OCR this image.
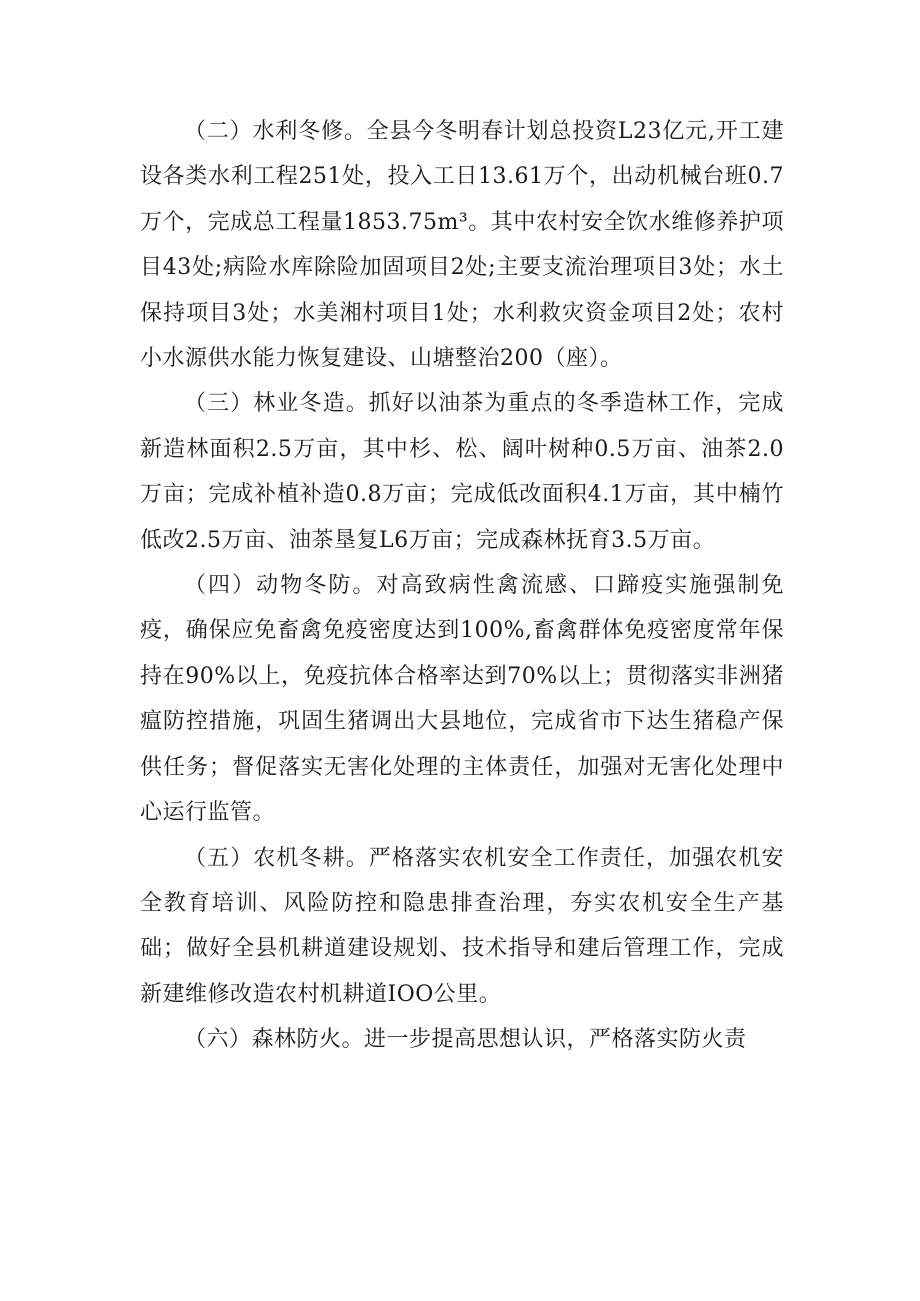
（二）水利冬修。全县今冬明春计划总投资L23亿元,开工建设各类水利工程251处，投入工日13.61万个，出动机械台班0.7万个，完成总工程量1853.75m³。其中农村安全饮水维修养护项目43处;病险水库除险加固项目2处;主要支流治理项目3处；水土保持项目3处；水美湘村项目1处；水利救灾资金项目2处；农村小水源供水能力恢复建设、山塘整治200（座）。

（三）林业冬造。抓好以油茶为重点的冬季造林工作，完成新造林面积2.5万亩，其中杉、松、阔叶树种0.5万亩、油茶2.0万亩；完成补植补造0.8万亩；完成低改面积4.1万亩，其中楠竹低改2.5万亩、油茶垦复L6万亩；完成森林抚育3.5万亩。

（四）动物冬防。对高致病性禽流感、口蹄疫实施强制免疫，确保应免畜禽免疫密度达到100%,畜禽群体免疫密度常年保持在90%以上，免疫抗体合格率达到70%以上；贯彻落实非洲猪瘟防控措施，巩固生猪调出大县地位，完成省市下达生猪稳产保供任务；督促落实无害化处理的主体责任，加强对无害化处理中心运行监管。

（五）农机冬耕。严格落实农机安全工作责任，加强农机安全教育培训、风险防控和隐患排查治理，夯实农机安全生产基础；做好全县机耕道建设规划、技术指导和建后管理工作，完成新建维修改造农村机耕道IOO公里。

（六）森林防火。进一步提高思想认识，严格落实防火责
